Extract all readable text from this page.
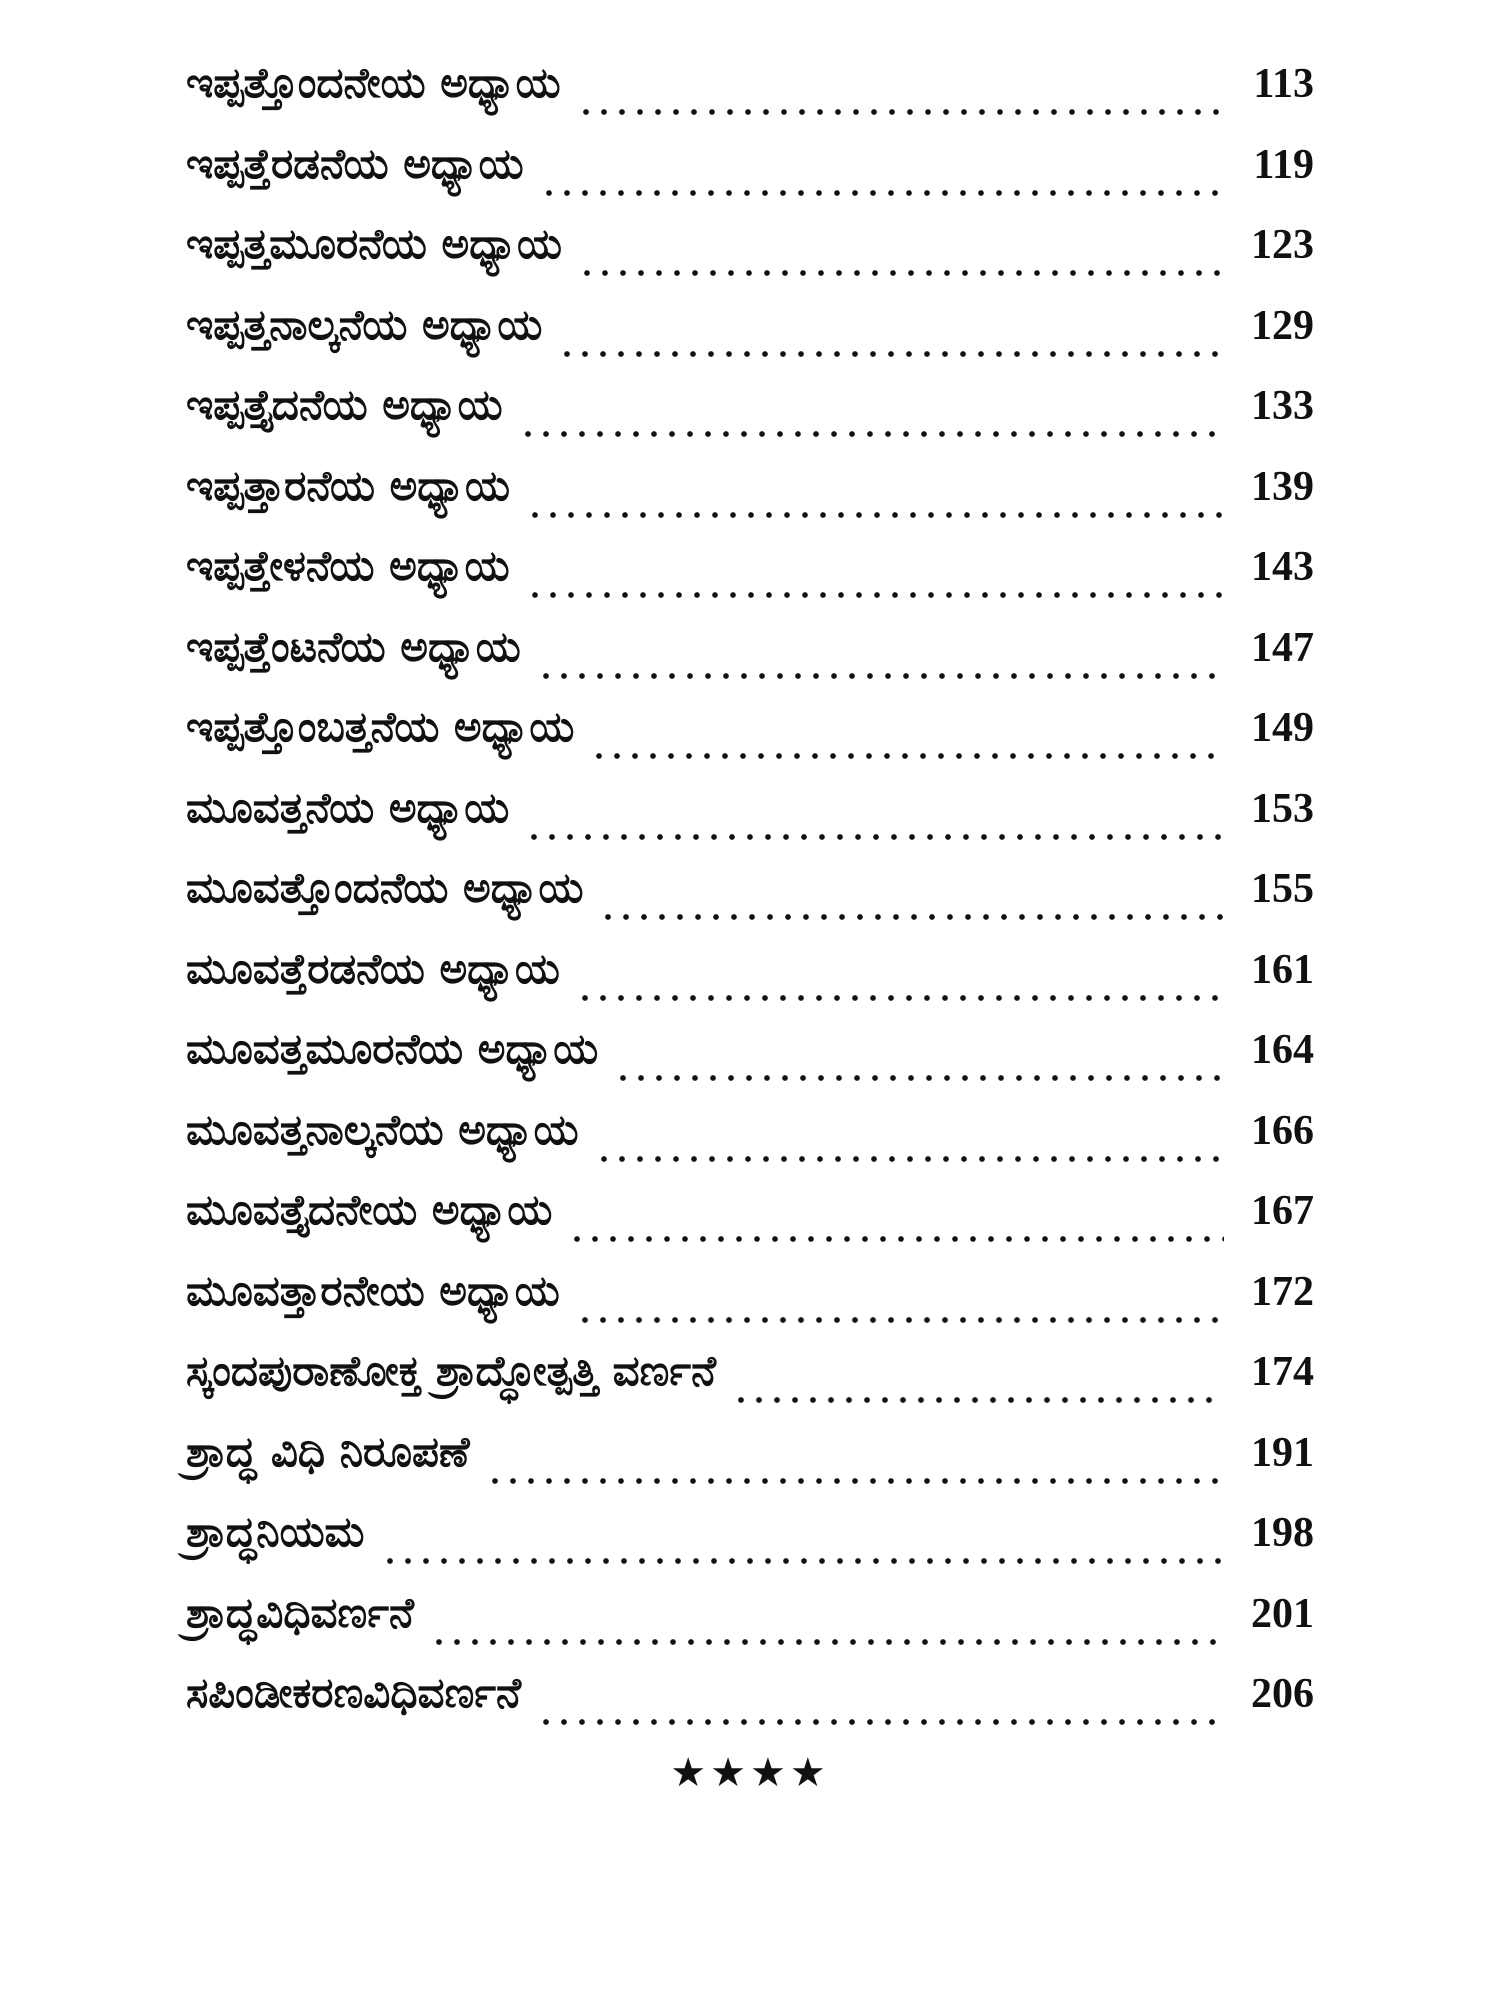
ಇಪ್ಪತ್ತೊಂದನೇಯ ಅಧ್ಯಾಯ	113
ಇಪ್ಪತ್ತೆರಡನೆಯ ಅಧ್ಯಾಯ	119
ಇಪ್ಪತ್ತಮೂರನೆಯ ಅಧ್ಯಾಯ	123
ಇಪ್ಪತ್ತನಾಲ್ಕನೆಯ ಅಧ್ಯಾಯ	129
ಇಪ್ಪತ್ತೈದನೆಯ ಅಧ್ಯಾಯ	133
ಇಪ್ಪತ್ತಾರನೆಯ ಅಧ್ಯಾಯ	139
ಇಪ್ಪತ್ತೇಳನೆಯ ಅಧ್ಯಾಯ	143
ಇಪ್ಪತ್ತೆಂಟನೆಯ ಅಧ್ಯಾಯ	147
ಇಪ್ಪತ್ತೊಂಬತ್ತನೆಯ ಅಧ್ಯಾಯ	149
ಮೂವತ್ತನೆಯ ಅಧ್ಯಾಯ	153
ಮೂವತ್ತೊಂದನೆಯ ಅಧ್ಯಾಯ	155
ಮೂವತ್ತೆರಡನೆಯ ಅಧ್ಯಾಯ	161
ಮೂವತ್ತಮೂರನೆಯ ಅಧ್ಯಾಯ	164
ಮೂವತ್ತನಾಲ್ಕನೆಯ ಅಧ್ಯಾಯ	166
ಮೂವತ್ತೈದನೇಯ ಅಧ್ಯಾಯ	167
ಮೂವತ್ತಾರನೇಯ ಅಧ್ಯಾಯ	172
ಸ್ಕಂದಪುರಾಣೋಕ್ತ ಶ್ರಾದ್ಧೋತ್ಪತ್ತಿ ವರ್ಣನೆ	174
ಶ್ರಾದ್ಧ ವಿಧಿ ನಿರೂಪಣೆ	191
ಶ್ರಾದ್ಧನಿಯಮ	198
ಶ್ರಾದ್ಧವಿಧಿವರ್ಣನೆ	201
ಸಪಿಂಡೀಕರಣವಿಧಿವರ್ಣನೆ	206
★★★★
